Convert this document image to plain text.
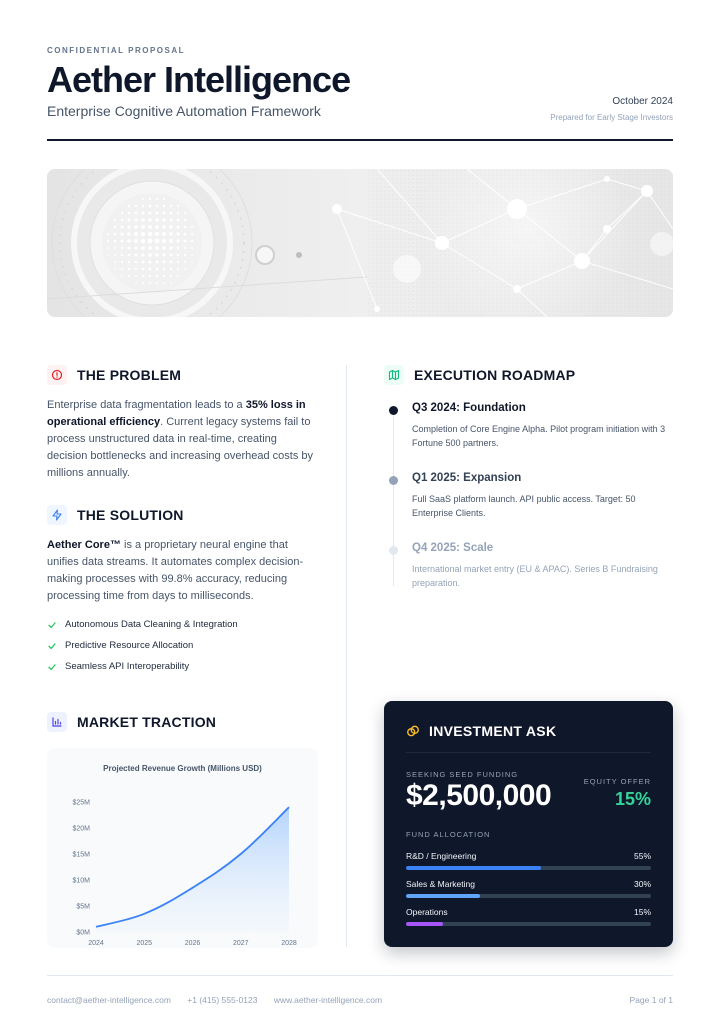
CONFIDENTIAL PROPOSAL
Aether Intelligence
Enterprise Cognitive Automation Framework
October 2024
Prepared for Early Stage Investors
THE PROBLEM
Enterprise data fragmentation leads to a 35% loss in operational efficiency. Current legacy systems fail to process unstructured data in real-time, creating decision bottlenecks and increasing overhead costs by millions annually.
THE SOLUTION
Aether Core™ is a proprietary neural engine that unifies data streams. It automates complex decision-making processes with 99.8% accuracy, reducing processing time from days to milliseconds.
Autonomous Data Cleaning & Integration
Predictive Resource Allocation
Seamless API Interoperability
EXECUTION ROADMAP
Q3 2024: Foundation
Completion of Core Engine Alpha. Pilot program initiation with 3 Fortune 500 partners.
Q1 2025: Expansion
Full SaaS platform launch. API public access. Target: 50 Enterprise Clients.
Q4 2025: Scale
International market entry (EU & APAC). Series B Fundraising preparation.
MARKET TRACTION
Projected Revenue Growth (Millions USD)
$0M
$5M
$10M
$15M
$20M
$25M
2024	2025	2026	2027	2028
INVESTMENT ASK
SEEKING SEED FUNDING
$2,500,000	EQUITY OFFER
15%
FUND ALLOCATION
R&D / Engineering	55%
Sales & Marketing	30%
Operations	15%
contact@aether-intelligence.com +1 (415) 555-0123 www.aether-intelligence.com	Page 1 of 1
